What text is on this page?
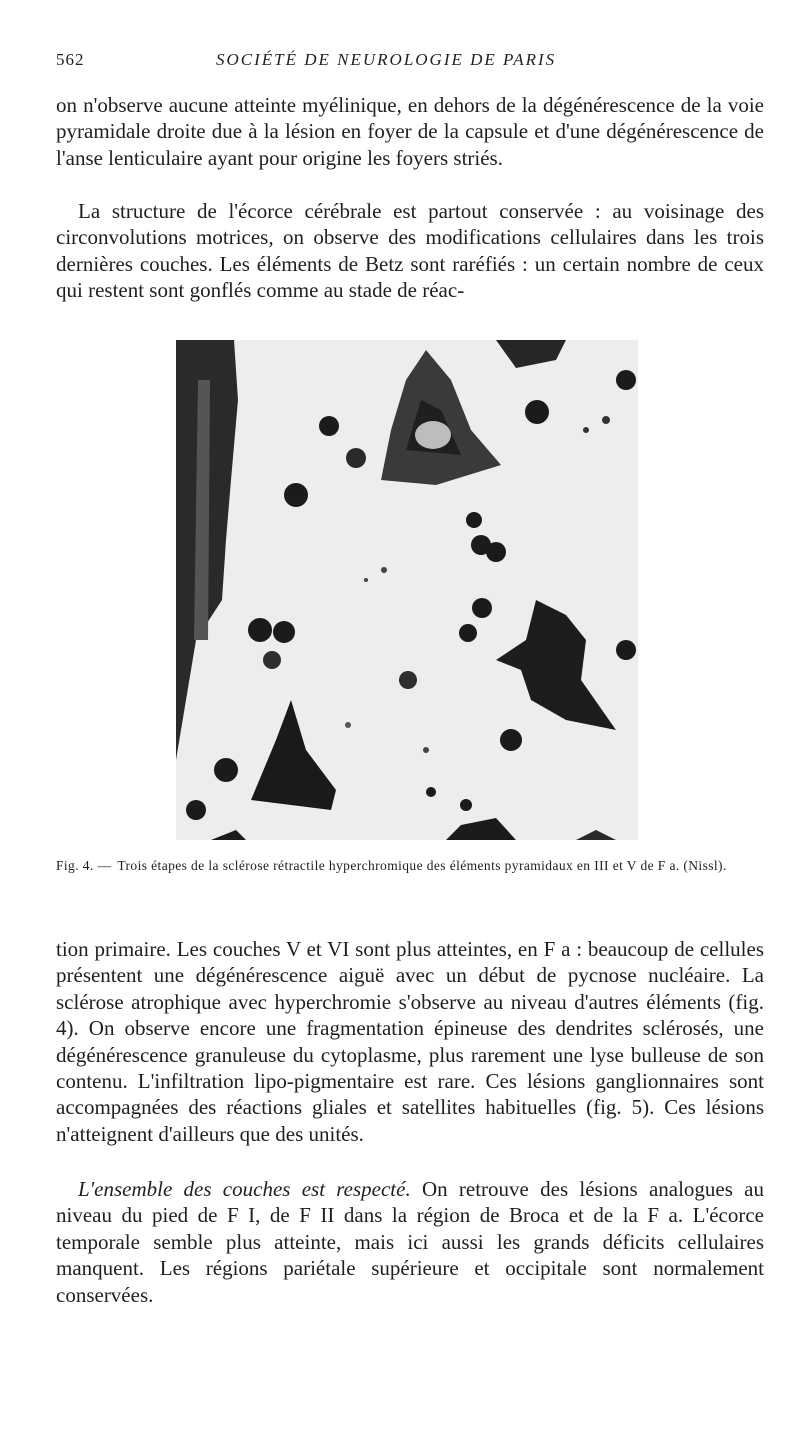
562	SOCIÉTÉ DE NEUROLOGIE DE PARIS

on n'observe aucune atteinte myélinique, en dehors de la dégénérescence de la voie pyramidale droite due à la lésion en foyer de la capsule et d'une dégénérescence de l'anse lenticulaire ayant pour origine les foyers striés.

La structure de l'écorce cérébrale est partout conservée : au voisinage des circonvolutions motrices, on observe des modifications cellulaires dans les trois dernières couches. Les éléments de Betz sont raréfiés : un certain nombre de ceux qui restent sont gonflés comme au stade de réac-

Fig. 4. — Trois étapes de la sclérose rétractile hyperchromique des éléments pyramidaux en III et V de F a. (Nissl).

tion primaire. Les couches V et VI sont plus atteintes, en F a : beaucoup de cellules présentent une dégénérescence aiguë avec un début de pycnose nucléaire. La sclérose atrophique avec hyperchromie s'observe au niveau d'autres éléments (fig. 4). On observe encore une fragmentation épineuse des dendrites sclérosés, une dégénérescence granuleuse du cytoplasme, plus rarement une lyse bulleuse de son contenu. L'infiltration lipo-pigmentaire est rare. Ces lésions ganglionnaires sont accompagnées des réactions gliales et satellites habituelles (fig. 5). Ces lésions n'atteignent d'ailleurs que des unités.

L'ensemble des couches est respecté. On retrouve des lésions analogues au niveau du pied de F I, de F II dans la région de Broca et de la F a. L'écorce temporale semble plus atteinte, mais ici aussi les grands déficits cellulaires manquent. Les régions pariétale supérieure et occipitale sont normalement conservées.
